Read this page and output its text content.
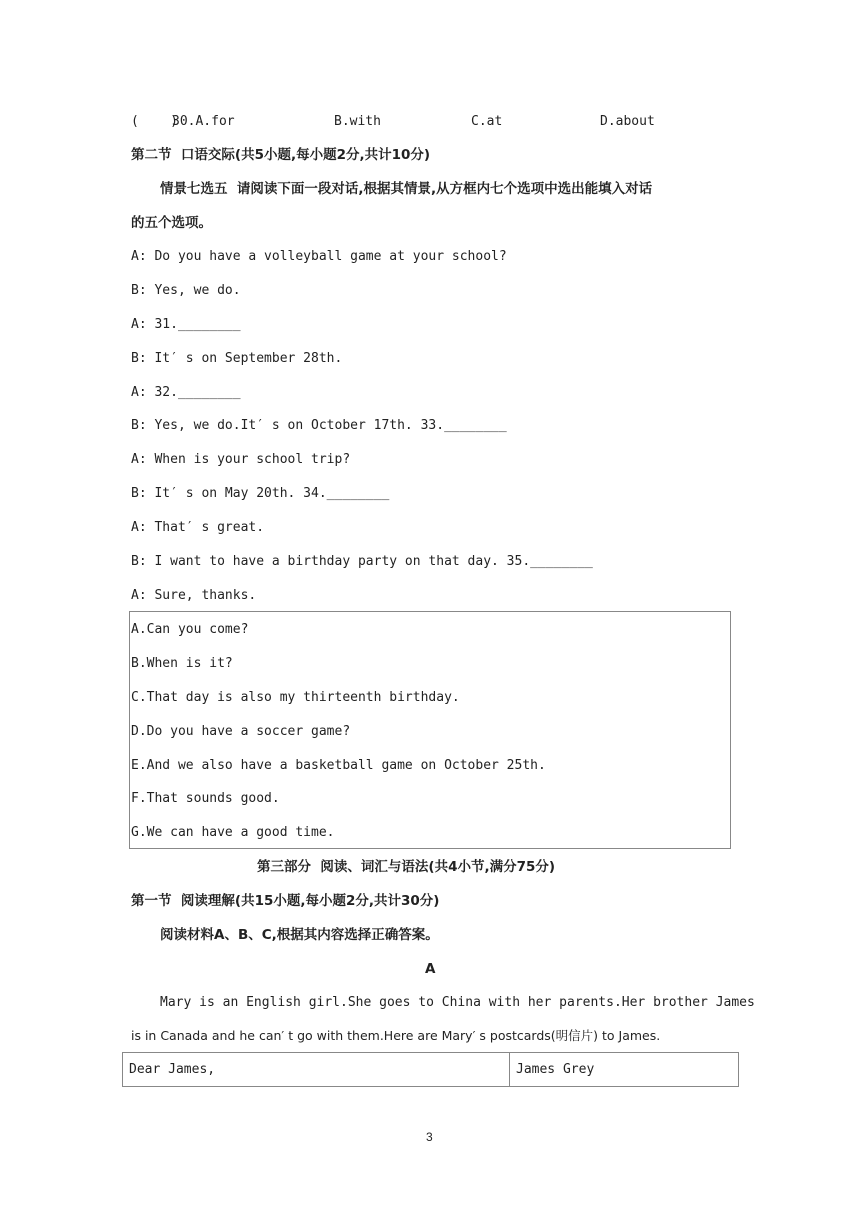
(    )
30.A.for	B.with	C.at	D.about
第二节  口语交际(共5小题,每小题2分,共计10分)
情景七选五  请阅读下面一段对话,根据其情景,从方框内七个选项中选出能填入对话
的五个选项。
A: Do you have a volleyball game at your school?
B: Yes, we do.
A: 31.________
B: It′ s on September 28th.
A: 32.________
B: Yes, we do.It′ s on October 17th. 33.________
A: When is your school trip?
B: It′ s on May 20th. 34.________
A: That′ s great.
B: I want to have a birthday party on that day. 35.________
A: Sure, thanks.
A.Can you come?
B.When is it?
C.That day is also my thirteenth birthday.
D.Do you have a soccer game?
E.And we also have a basketball game on October 25th.
F.That sounds good.
G.We can have a good time.
第三部分  阅读、词汇与语法(共4小节,满分75分)
第一节  阅读理解(共15小题,每小题2分,共计30分)
阅读材料A、B、C,根据其内容选择正确答案。
A
Mary is an English girl.She goes to China with her parents.Her brother James
is in Canada and he can′ t go with them.Here are Mary′ s postcards(明信片) to James.
Dear James,	James Grey
3
